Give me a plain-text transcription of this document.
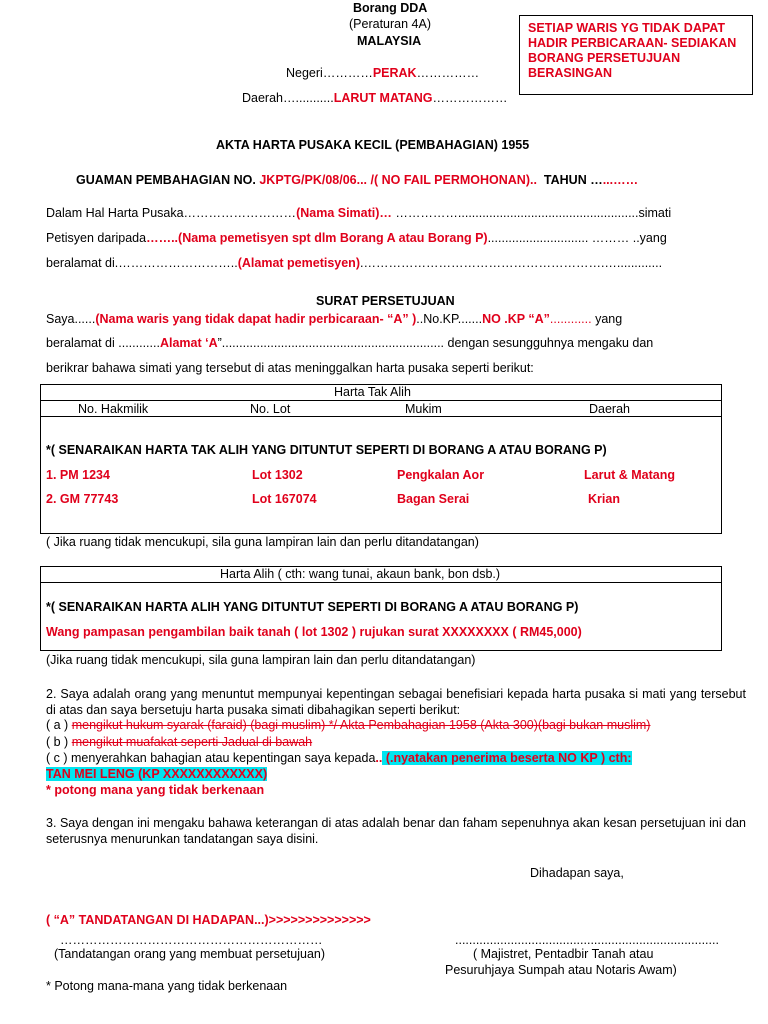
Borang DDA
(Peraturan 4A)
MALAYSIA
Negeri…………PERAK……………
Daerah…...........LARUT MATANG………………
SETIAP WARIS YG TIDAK DAPAT HADIR PERBICARAAN- SEDIAKAN BORANG PERSETUJUAN BERASINGAN
AKTA HARTA PUSAKA KECIL (PEMBAHAGIAN) 1955
GUAMAN PEMBAHAGIAN NO. JKPTG/PK/08/06... /( NO FAIL PERMOHONAN).. TAHUN …...……
Dalam Hal Harta Pusaka………………………(Nama Simati)… ……………....................................................simati
Petisyen daripada……..(Nama pemetisyen spt dlm Borang A atau Borang P)............................. ……… ..yang
beralamat di.………………………..(Alamat pemetisyen).………………………………………………….….............
SURAT PERSETUJUAN
Saya......(Nama waris yang tidak dapat hadir perbicaraan- “A” )..No.KP.......NO .KP “A”............ yang
beralamat di ............Alamat ‘A”................................................................ dengan sesungguhnya mengaku dan
berikrar bahawa simati yang tersebut di atas meninggalkan harta pusaka seperti berikut:
Harta Tak Alih
No. Hakmilik	No. Lot	Mukim	Daerah
*( SENARAIKAN HARTA TAK ALIH YANG DITUNTUT SEPERTI DI BORANG A ATAU BORANG P)
1. PM 1234	Lot 1302	Pengkalan Aor	Larut & Matang
2. GM 77743	Lot 167074	Bagan Serai	Krian
( Jika ruang tidak mencukupi, sila guna lampiran lain dan perlu ditandatangan)
Harta Alih ( cth: wang tunai, akaun bank, bon dsb.)
*( SENARAIKAN HARTA ALIH YANG DITUNTUT SEPERTI DI BORANG A ATAU BORANG P)
Wang pampasan pengambilan baik tanah ( lot 1302 ) rujukan surat XXXXXXXX ( RM45,000)
(Jika ruang tidak mencukupi, sila guna lampiran lain dan perlu ditandatangan)
2. Saya adalah orang yang menuntut mempunyai kepentingan sebagai benefisiari kepada harta pusaka si mati yang tersebut di atas dan saya bersetuju harta pusaka simati dibahagikan seperti berikut:
( a ) mengikut hukum syarak (faraid) (bagi muslim) */ Akta Pembahagian 1958 (Akta 300)(bagi bukan muslim)
( b ) mengikut muafakat seperti Jadual di bawah
( c ) menyerahkan bahagian atau kepentingan saya kepada.. (.nyatakan penerima beserta NO KP ) cth:
TAN MEI LENG (KP XXXXXXXXXXXX)
* potong mana yang tidak berkenaan
3. Saya dengan ini mengaku bahawa keterangan di atas adalah benar dan faham sepenuhnya akan kesan persetujuan ini dan seterusnya menurunkan tandatangan saya disini.
Dihadapan saya,
( “A” TANDATANGAN DI HADAPAN...)>>>>>>>>>>>>>>
………………………………………………………
(Tandatangan orang yang membuat persetujuan)
............................................................................
( Majistret, Pentadbir Tanah atau
Pesuruhjaya Sumpah atau Notaris Awam)
* Potong mana-mana yang tidak berkenaan
